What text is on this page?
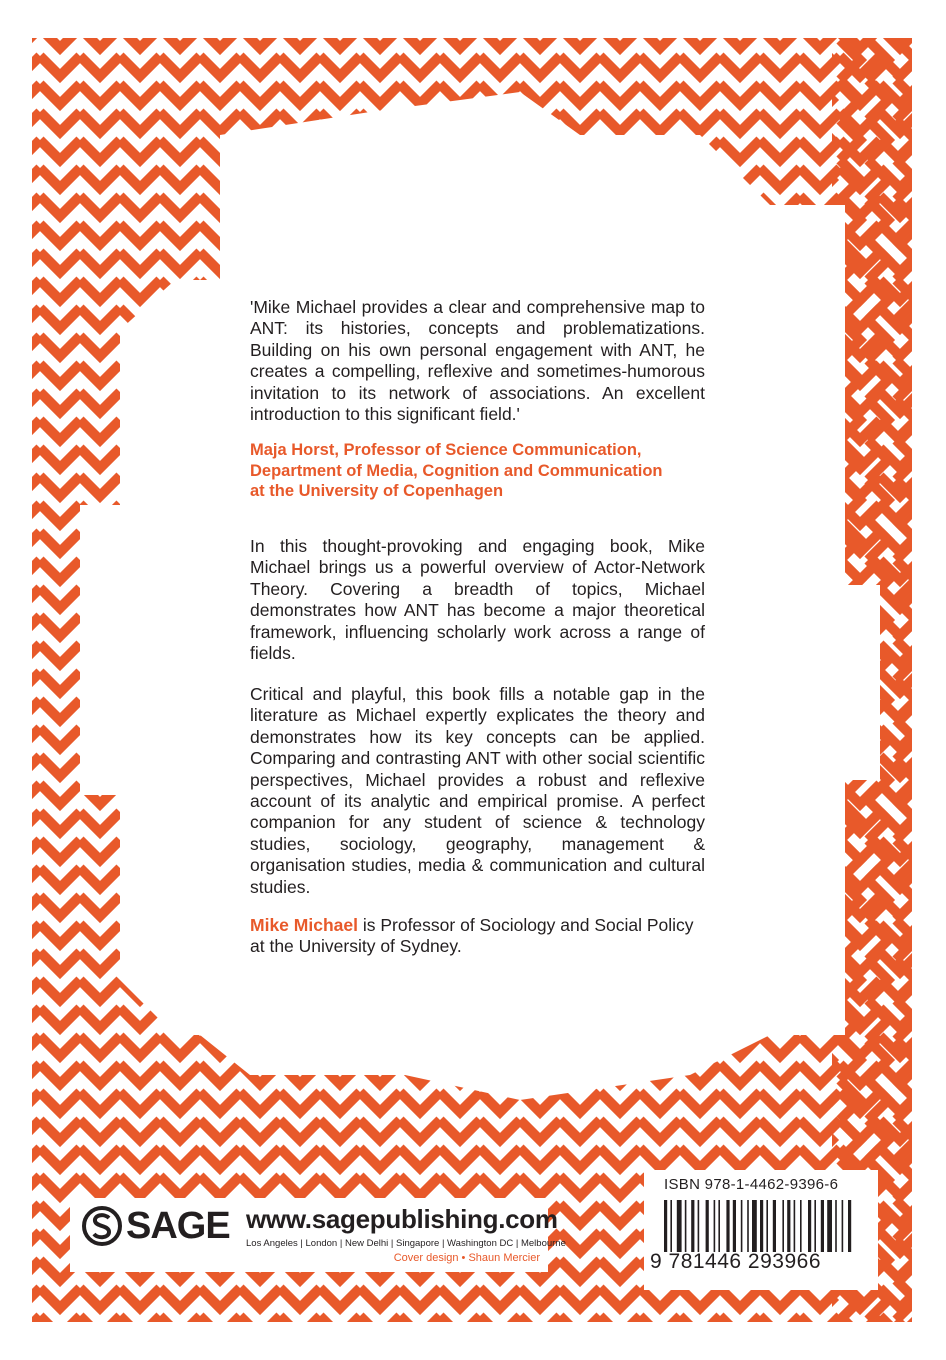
'Mike Michael provides a clear and comprehensive map to ANT: its histories, concepts and problematizations. Building on his own personal engagement with ANT, he creates a compelling, reflexive and sometimes-humorous invitation to its network of associations. An excellent introduction to this significant field.'

Maja Horst, Professor of Science Communication,
Department of Media, Cognition and Communication
at the University of Copenhagen

In this thought-provoking and engaging book, Mike Michael brings us a powerful overview of Actor-Network Theory. Covering a breadth of topics, Michael demonstrates how ANT has become a major theoretical framework, influencing scholarly work across a range of fields.

Critical and playful, this book fills a notable gap in the literature as Michael expertly explicates the theory and demonstrates how its key concepts can be applied. Comparing and contrasting ANT with other social scientific perspectives, Michael provides a robust and reflexive account of its analytic and empirical promise. A perfect companion for any student of science & technology studies, sociology, geography, management & organisation studies, media & communication and cultural studies.

Mike Michael is Professor of Sociology and Social Policy at the University of Sydney.
SAGE www.sagepublishing.com
Los Angeles | London | New Delhi | Singapore | Washington DC | Melbourne
Cover design • Shaun Mercier
ISBN 978-1-4462-9396-6
9 781446 293966
